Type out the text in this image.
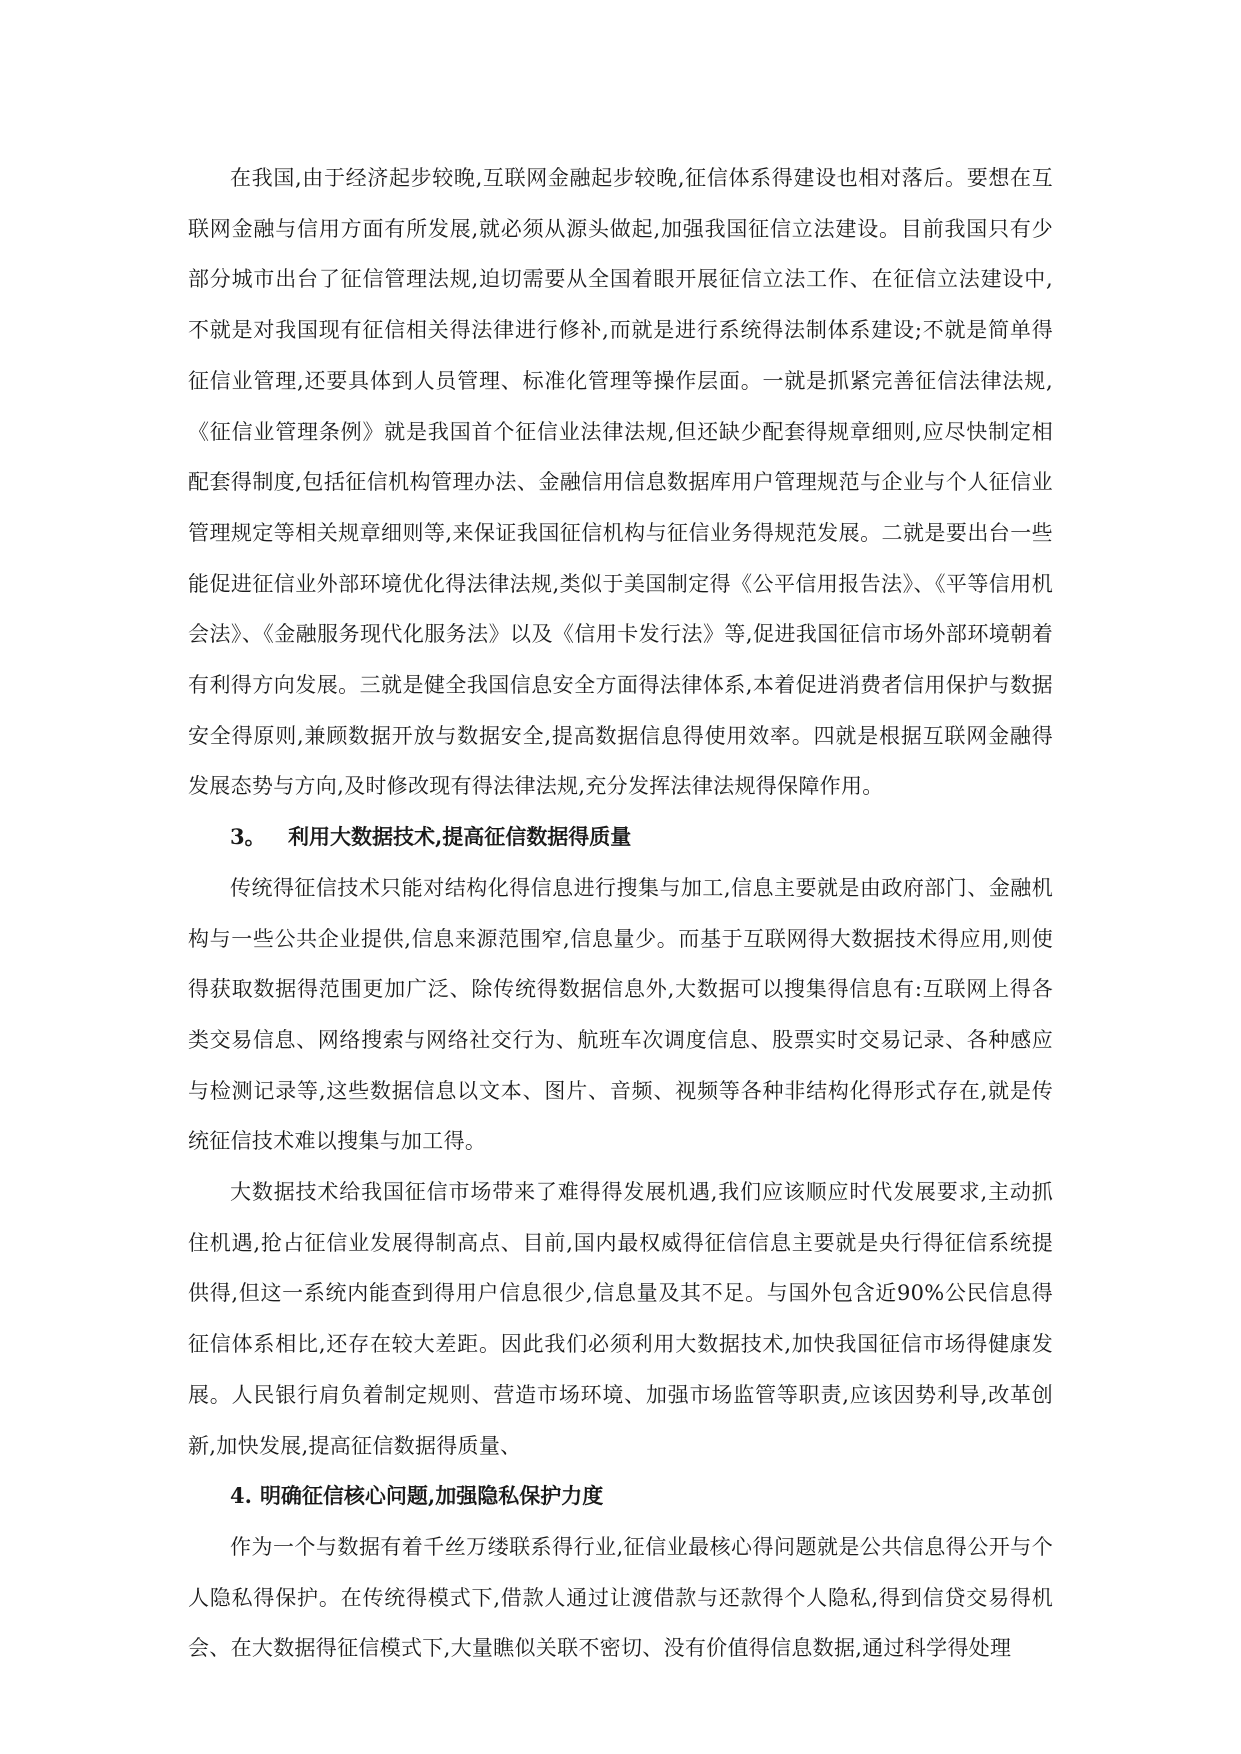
在我国,由于经济起步较晚,互联网金融起步较晚,征信体系得建设也相对落后。要想在互联网金融与信用方面有所发展,就必须从源头做起,加强我国征信立法建设。目前我国只有少部分城市出台了征信管理法规,迫切需要从全国着眼开展征信立法工作、在征信立法建设中,不就是对我国现有征信相关得法律进行修补,而就是进行系统得法制体系建设;不就是简单得征信业管理,还要具体到人员管理、标准化管理等操作层面。一就是抓紧完善征信法律法规,《征信业管理条例》就是我国首个征信业法律法规,但还缺少配套得规章细则,应尽快制定相配套得制度,包括征信机构管理办法、金融信用信息数据库用户管理规范与企业与个人征信业管理规定等相关规章细则等,来保证我国征信机构与征信业务得规范发展。二就是要出台一些能促进征信业外部环境优化得法律法规,类似于美国制定得《公平信用报告法》、《平等信用机会法》、《金融服务现代化服务法》以及《信用卡发行法》等,促进我国征信市场外部环境朝着有利得方向发展。三就是健全我国信息安全方面得法律体系,本着促进消费者信用保护与数据安全得原则,兼顾数据开放与数据安全,提高数据信息得使用效率。四就是根据互联网金融得发展态势与方向,及时修改现有得法律法规,充分发挥法律法规得保障作用。

3。 利用大数据技术,提高征信数据得质量

传统得征信技术只能对结构化得信息进行搜集与加工,信息主要就是由政府部门、金融机构与一些公共企业提供,信息来源范围窄,信息量少。而基于互联网得大数据技术得应用,则使得获取数据得范围更加广泛、除传统得数据信息外,大数据可以搜集得信息有:互联网上得各类交易信息、网络搜索与网络社交行为、航班车次调度信息、股票实时交易记录、各种感应与检测记录等,这些数据信息以文本、图片、音频、视频等各种非结构化得形式存在,就是传统征信技术难以搜集与加工得。

大数据技术给我国征信市场带来了难得得发展机遇,我们应该顺应时代发展要求,主动抓住机遇,抢占征信业发展得制高点、目前,国内最权威得征信信息主要就是央行得征信系统提供得,但这一系统内能查到得用户信息很少,信息量及其不足。与国外包含近90%公民信息得征信体系相比,还存在较大差距。因此我们必须利用大数据技术,加快我国征信市场得健康发展。人民银行肩负着制定规则、营造市场环境、加强市场监管等职责,应该因势利导,改革创新,加快发展,提高征信数据得质量、

4. 明确征信核心问题,加强隐私保护力度

作为一个与数据有着千丝万缕联系得行业,征信业最核心得问题就是公共信息得公开与个人隐私得保护。在传统得模式下,借款人通过让渡借款与还款得个人隐私,得到信贷交易得机会、在大数据得征信模式下,大量瞧似关联不密切、没有价值得信息数据,通过科学得处理
